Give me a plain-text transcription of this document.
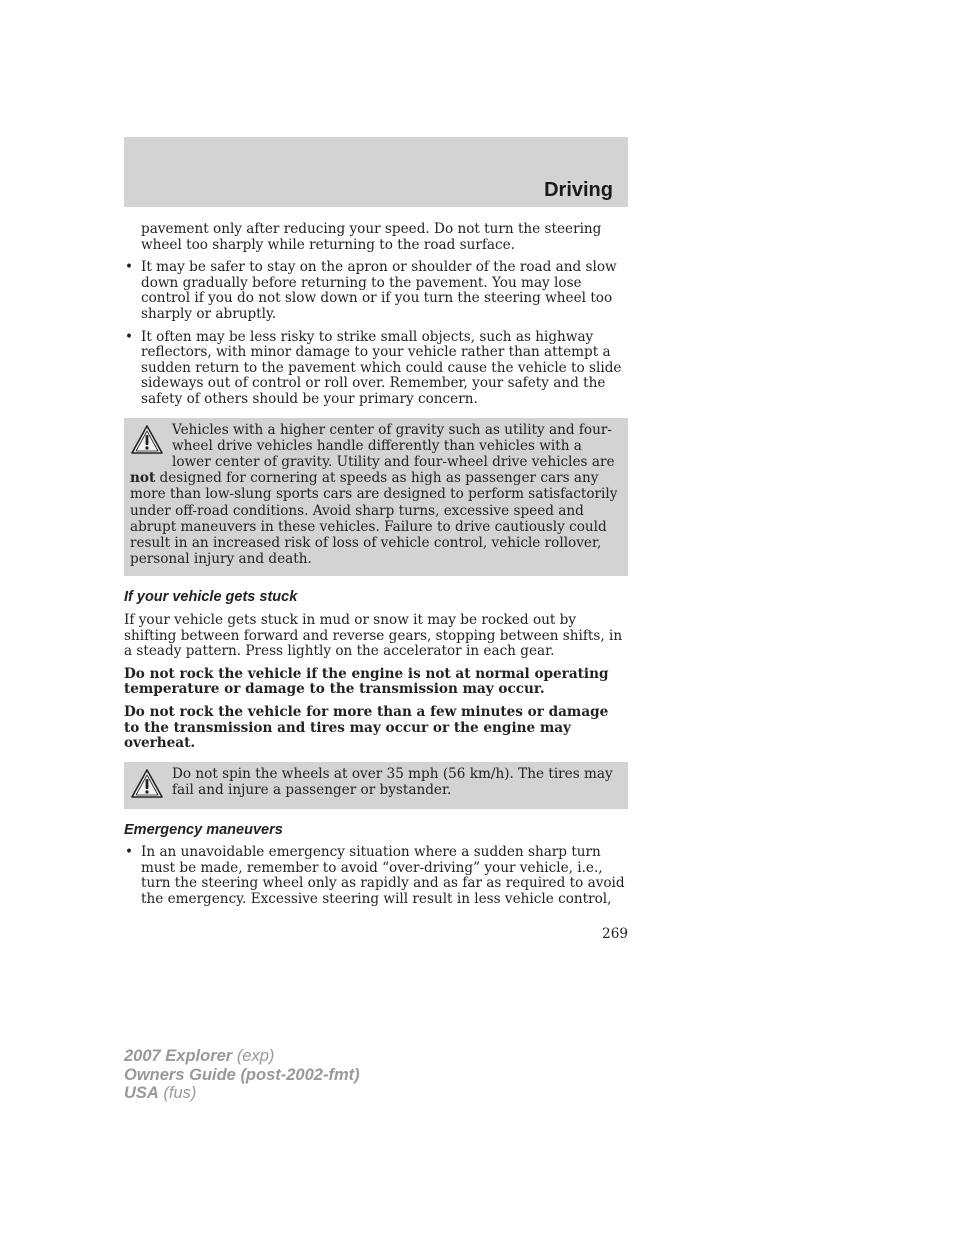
Driving

pavement only after reducing your speed. Do not turn the steering wheel too sharply while returning to the road surface.

• It may be safer to stay on the apron or shoulder of the road and slow down gradually before returning to the pavement. You may lose control if you do not slow down or if you turn the steering wheel too sharply or abruptly.
• It often may be less risky to strike small objects, such as highway reflectors, with minor damage to your vehicle rather than attempt a sudden return to the pavement which could cause the vehicle to slide sideways out of control or roll over. Remember, your safety and the safety of others should be your primary concern.
Vehicles with a higher center of gravity such as utility and four-wheel drive vehicles handle differently than vehicles with a lower center of gravity. Utility and four-wheel drive vehicles are not designed for cornering at speeds as high as passenger cars any more than low-slung sports cars are designed to perform satisfactorily under off-road conditions. Avoid sharp turns, excessive speed and abrupt maneuvers in these vehicles. Failure to drive cautiously could result in an increased risk of loss of vehicle control, vehicle rollover, personal injury and death.
If your vehicle gets stuck

If your vehicle gets stuck in mud or snow it may be rocked out by shifting between forward and reverse gears, stopping between shifts, in a steady pattern. Press lightly on the accelerator in each gear.

Do not rock the vehicle if the engine is not at normal operating temperature or damage to the transmission may occur.

Do not rock the vehicle for more than a few minutes or damage to the transmission and tires may occur or the engine may overheat.

Do not spin the wheels at over 35 mph (56 km/h). The tires may fail and injure a passenger or bystander.
Emergency maneuvers
• In an unavoidable emergency situation where a sudden sharp turn must be made, remember to avoid “over-driving” your vehicle, i.e., turn the steering wheel only as rapidly and as far as required to avoid the emergency. Excessive steering will result in less vehicle control,
269
2007 Explorer (exp)
Owners Guide (post-2002-fmt)
USA (fus)
